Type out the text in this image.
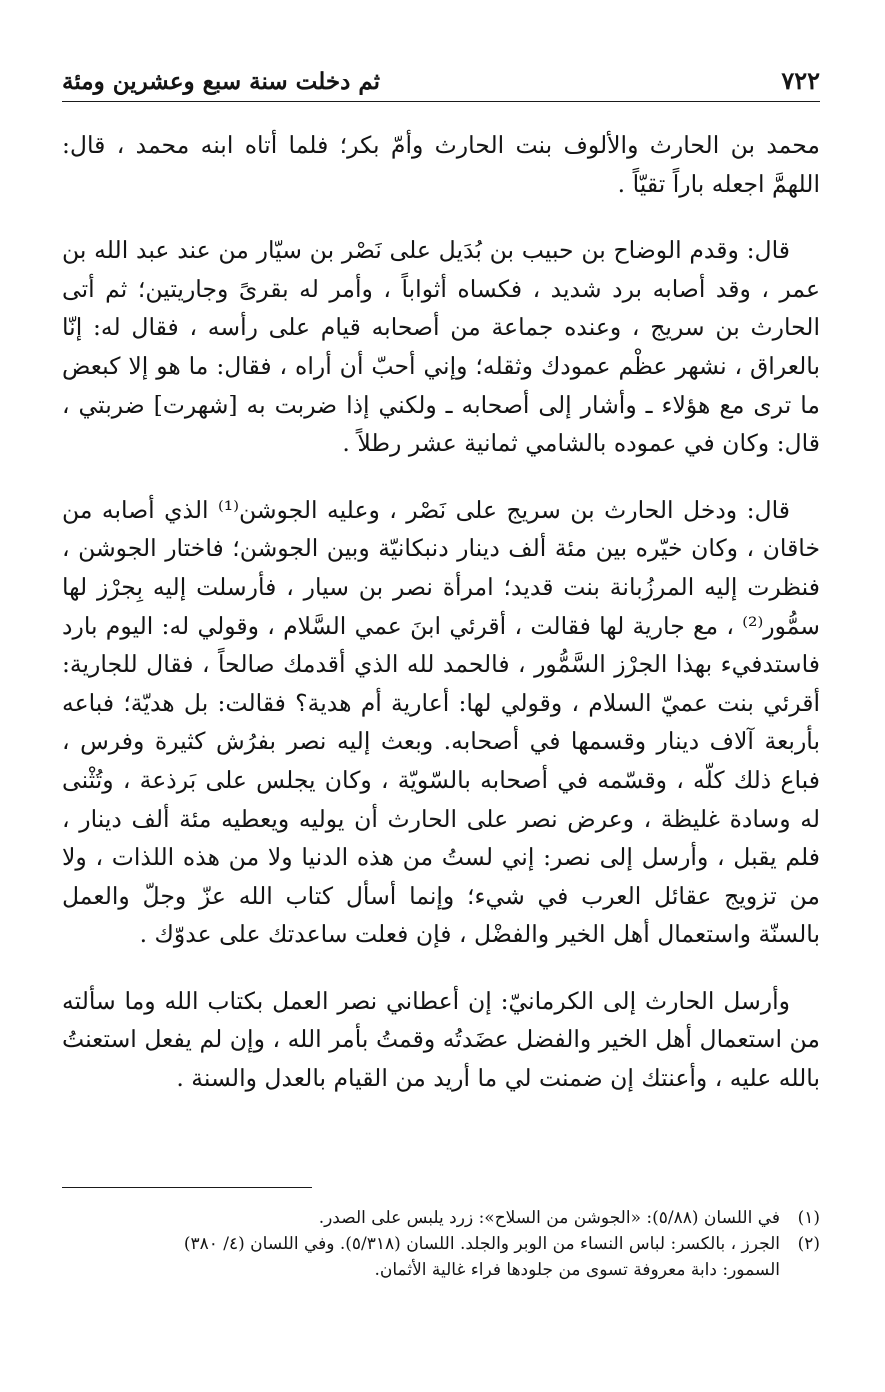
٧٢٢
ثم دخلت سنة سبع وعشرين ومئة

محمد بن الحارث والألوف بنت الحارث وأمّ بكر؛ فلما أتاه ابنه محمد ، قال: اللهمَّ اجعله باراً تقيّاً .

قال: وقدم الوضاح بن حبيب بن بُدَيل على نَصْر بن سيّار من عند عبد الله بن عمر ، وقد أصابه برد شديد ، فكساه أثواباً ، وأمر له بقرىً وجاريتين؛ ثم أتى الحارث بن سريج ، وعنده جماعة من أصحابه قيام على رأسه ، فقال له: إنّا بالعراق ، نشهر عظْم عمودك وثقله؛ وإني أحبّ أن أراه ، فقال: ما هو إلا كبعض ما ترى مع هؤلاء ـ وأشار إلى أصحابه ـ ولكني إذا ضربت به [شهرت] ضربتي ، قال: وكان في عموده بالشامي ثمانية عشر رطلاً .

قال: ودخل الحارث بن سريج على نَصْر ، وعليه الجوشن⁽¹⁾ الذي أصابه من خاقان ، وكان خيّره بين مئة ألف دينار دنبكانيّة وبين الجوشن؛ فاختار الجوشن ، فنظرت إليه المرزُبانة بنت قديد؛ امرأة نصر بن سيار ، فأرسلت إليه بِجرْز لها سمُّور⁽²⁾ ، مع جارية لها فقالت ، أقرئي ابنَ عمي السَّلام ، وقولي له: اليوم بارد فاستدفيء بهذا الجرْز السَّمُّور ، فالحمد لله الذي أقدمك صالحاً ، فقال للجارية: أقرئي بنت عميّ السلام ، وقولي لها: أعارية أم هدية؟ فقالت: بل هديّة؛ فباعه بأربعة آلاف دينار وقسمها في أصحابه. وبعث إليه نصر بفرُش كثيرة وفرس ، فباع ذلك كلّه ، وقسّمه في أصحابه بالسّويّة ، وكان يجلس على بَرذعة ، وتُثْنى له وسادة غليظة ، وعرض نصر على الحارث أن يوليه ويعطيه مئة ألف دينار ، فلم يقبل ، وأرسل إلى نصر: إني لستُ من هذه الدنيا ولا من هذه اللذات ، ولا من تزويج عقائل العرب في شيء؛ وإنما أسأل كتاب الله عزّ وجلّ والعمل بالسنّة واستعمال أهل الخير والفضْل ، فإن فعلت ساعدتك على عدوّك .

وأرسل الحارث إلى الكرمانيّ: إن أعطاني نصر العمل بكتاب الله وما سألته من استعمال أهل الخير والفضل عضَدتُه وقمتُ بأمر الله ، وإن لم يفعل استعنتُ بالله عليه ، وأعنتك إن ضمنت لي ما أريد من القيام بالعدل والسنة .

(١)
في اللسان (٥/٨٨): «الجوشن من السلاح»: زرد يلبس على الصدر.
(٢)
الجرز ، بالكسر: لباس النساء من الوبر والجلد. اللسان (٥/٣١٨). وفي اللسان (٤/ ٣٨٠)
السمور: دابة معروفة تسوى من جلودها فراء غالية الأثمان.
